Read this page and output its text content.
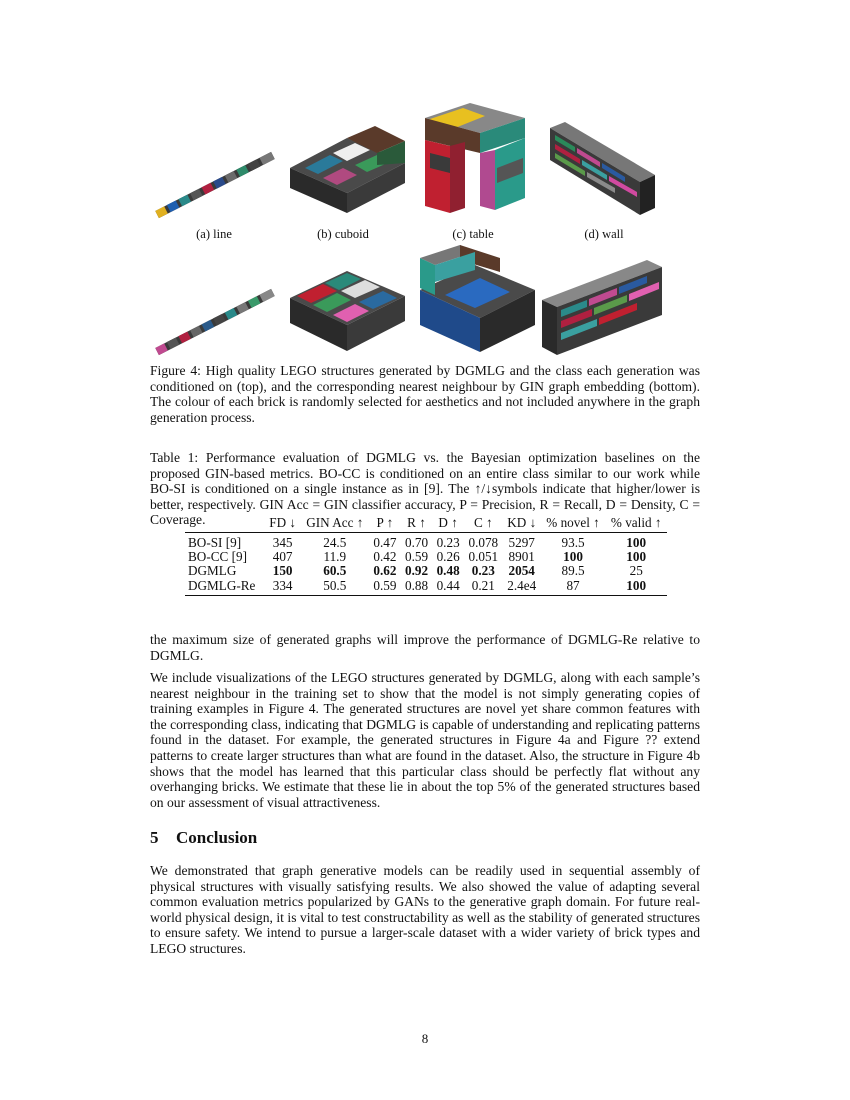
(a) line	(b) cuboid	(c) table	(d) wall

Figure 4: High quality LEGO structures generated by DGMLG and the class each generation was conditioned on (top), and the corresponding nearest neighbour by GIN graph embedding (bottom). The colour of each brick is randomly selected for aesthetics and not included anywhere in the graph generation process.

Table 1: Performance evaluation of DGMLG vs. the Bayesian optimization baselines on the proposed GIN-based metrics. BO-CC is conditioned on an entire class similar to our work while BO-SI is conditioned on a single instance as in [9]. The ↑/↓symbols indicate that higher/lower is better, respectively. GIN Acc = GIN classifier accuracy, P = Precision, R = Recall, D = Density, C = Coverage.

		FD ↓	GIN Acc ↑	P ↑	R ↑	D ↑	C ↑	KD ↓	% novel ↑	% valid ↑
BO-SI [9]	345	24.5	0.47	0.70	0.23	0.078	5297	93.5	100
BO-CC [9]	407	11.9	0.42	0.59	0.26	0.051	8901	100	100
DGMLG	150	60.5	0.62	0.92	0.48	0.23	2054	89.5	25
DGMLG-Re	334	50.5	0.59	0.88	0.44	0.21	2.4e4	87	100

the maximum size of generated graphs will improve the performance of DGMLG-Re relative to DGMLG.

We include visualizations of the LEGO structures generated by DGMLG, along with each sample’s nearest neighbour in the training set to show that the model is not simply generating copies of training examples in Figure 4. The generated structures are novel yet share common features with the corresponding class, indicating that DGMLG is capable of understanding and replicating patterns found in the dataset. For example, the generated structures in Figure 4a and Figure ?? extend patterns to create larger structures than what are found in the dataset. Also, the structure in Figure 4b shows that the model has learned that this particular class should be perfectly flat without any overhanging bricks. We estimate that these lie in about the top 5% of the generated structures based on our assessment of visual attractiveness.

5 Conclusion

We demonstrated that graph generative models can be readily used in sequential assembly of physical structures with visually satisfying results. We also showed the value of adapting several common evaluation metrics popularized by GANs to the generative graph domain. For future real-world physical design, it is vital to test constructability as well as the stability of generated structures to ensure safety. We intend to pursue a larger-scale dataset with a wider variety of brick types and LEGO structures.

8
